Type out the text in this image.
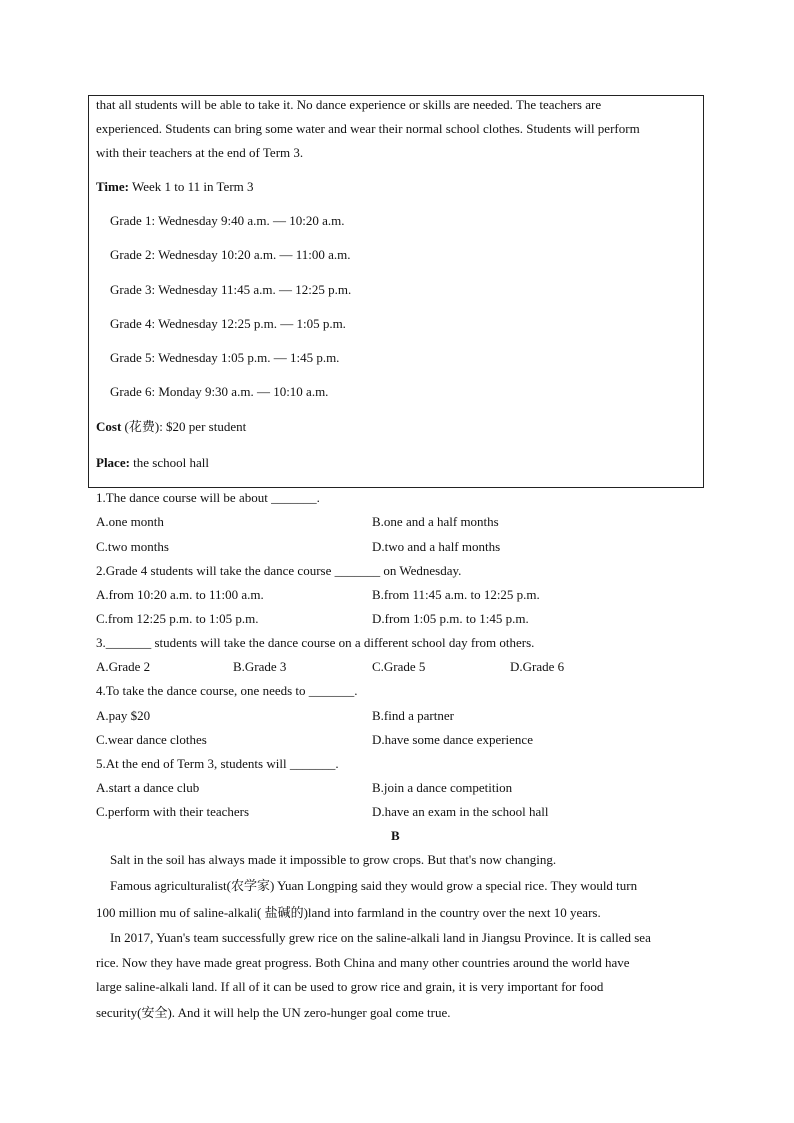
that all students will be able to take it. No dance experience or skills are needed. The teachers are
experienced. Students can bring some water and wear their normal school clothes. Students will perform
with their teachers at the end of Term 3.
Time: Week 1 to 11 in Term 3
Grade 1: Wednesday 9:40 a.m. — 10:20 a.m.
Grade 2: Wednesday 10:20 a.m. — 11:00 a.m.
Grade 3: Wednesday 11:45 a.m. — 12:25 p.m.
Grade 4: Wednesday 12:25 p.m. — 1:05 p.m.
Grade 5: Wednesday 1:05 p.m. — 1:45 p.m.
Grade 6: Monday 9:30 a.m. — 10:10 a.m.
Cost (花费): $20 per student
Place: the school hall
1.The dance course will be about _______.
A.one month	B.one and a half months
C.two months	D.two and a half months
2.Grade 4 students will take the dance course _______ on Wednesday.
A.from 10:20 a.m. to 11:00 a.m.	B.from 11:45 a.m. to 12:25 p.m.
C.from 12:25 p.m. to 1:05 p.m.	D.from 1:05 p.m. to 1:45 p.m.
3._______ students will take the dance course on a different school day from others.
A.Grade 2	B.Grade 3	C.Grade 5	D.Grade 6
4.To take the dance course, one needs to _______.
A.pay $20	B.find a partner
C.wear dance clothes	D.have some dance experience
5.At the end of Term 3, students will _______.
A.start a dance club	B.join a dance competition
C.perform with their teachers	D.have an exam in the school hall
B
Salt in the soil has always made it impossible to grow crops. But that's now changing.
Famous agriculturalist(农学家) Yuan Longping said they would grow a special rice. They would turn
100 million mu of saline-alkali( 盐碱的)land into farmland in the country over the next 10 years.
In 2017, Yuan's team successfully grew rice on the saline-alkali land in Jiangsu Province. It is called sea
rice. Now they have made great progress. Both China and many other countries around the world have
large saline-alkali land. If all of it can be used to grow rice and grain, it is very important for food
security(安全). And it will help the UN zero-hunger goal come true.
